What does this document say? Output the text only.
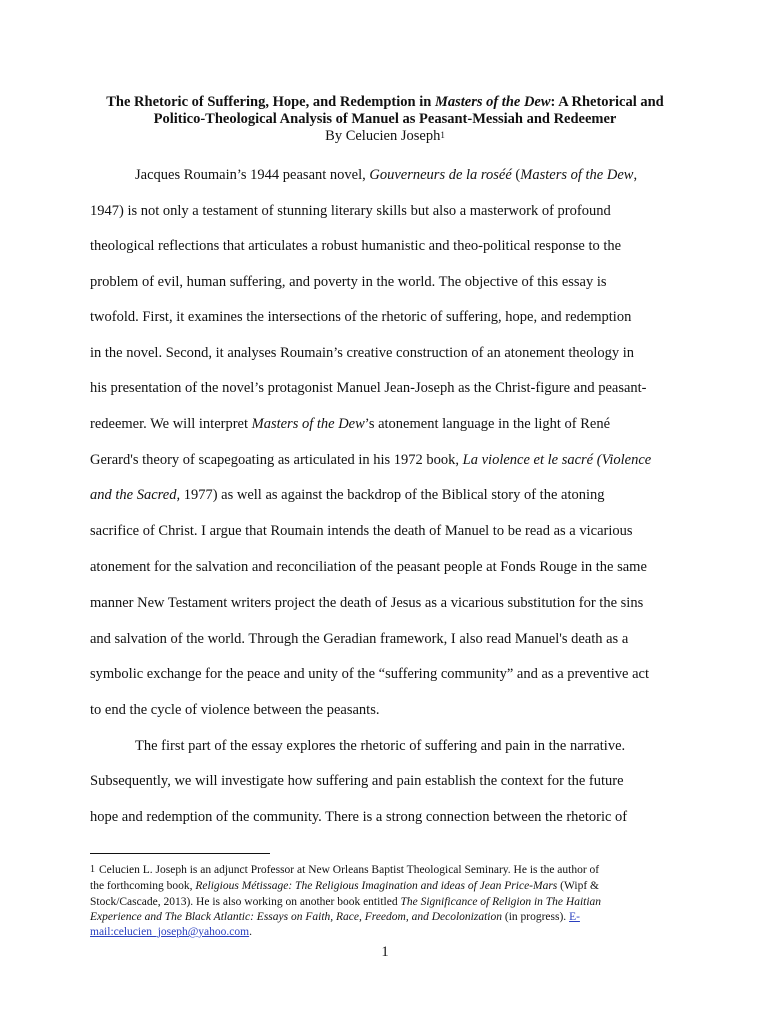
The Rhetoric of Suffering, Hope, and Redemption in Masters of the Dew: A Rhetorical and
Politico-Theological Analysis of Manuel as Peasant-Messiah and Redeemer
By Celucien Joseph$^1$
Jacques Roumain’s 1944 peasant novel, Gouverneurs de la roséé (Masters of the Dew,
1947) is not only a testament of stunning literary skills but also a masterwork of profound
theological reflections that articulates a robust humanistic and theo-political response to the
problem of evil, human suffering, and poverty in the world. The objective of this essay is
twofold. First, it examines the intersections of the rhetoric of suffering, hope, and redemption
in the novel. Second, it analyses Roumain’s creative construction of an atonement theology in
his presentation of the novel’s protagonist Manuel Jean-Joseph as the Christ-figure and peasant-
redeemer. We will interpret Masters of the Dew’s atonement language in the light of René
Gerard's theory of scapegoating as articulated in his 1972 book, La violence et le sacré (Violence
and the Sacred, 1977) as well as against the backdrop of the Biblical story of the atoning
sacrifice of Christ. I argue that Roumain intends the death of Manuel to be read as a vicarious
atonement for the salvation and reconciliation of the peasant people at Fonds Rouge in the same
manner New Testament writers project the death of Jesus as a vicarious substitution for the sins
and salvation of the world. Through the Geradian framework, I also read Manuel's death as a
symbolic exchange for the peace and unity of the “suffering community” and as a preventive act
to end the cycle of violence between the peasants.
The first part of the essay explores the rhetoric of suffering and pain in the narrative.
Subsequently, we will investigate how suffering and pain establish the context for the future
hope and redemption of the community. There is a strong connection between the rhetoric of
1 Celucien L. Joseph is an adjunct Professor at New Orleans Baptist Theological Seminary. He is the author of
the forthcoming book, Religious Métissage: The Religious Imagination and ideas of Jean Price-Mars (Wipf &
Stock/Cascade, 2013). He is also working on another book entitled The Significance of Religion in The Haitian
Experience and The Black Atlantic: Essays on Faith, Race, Freedom, and Decolonization (in progress). E-
mail:celucien_joseph@yahoo.com.
1
